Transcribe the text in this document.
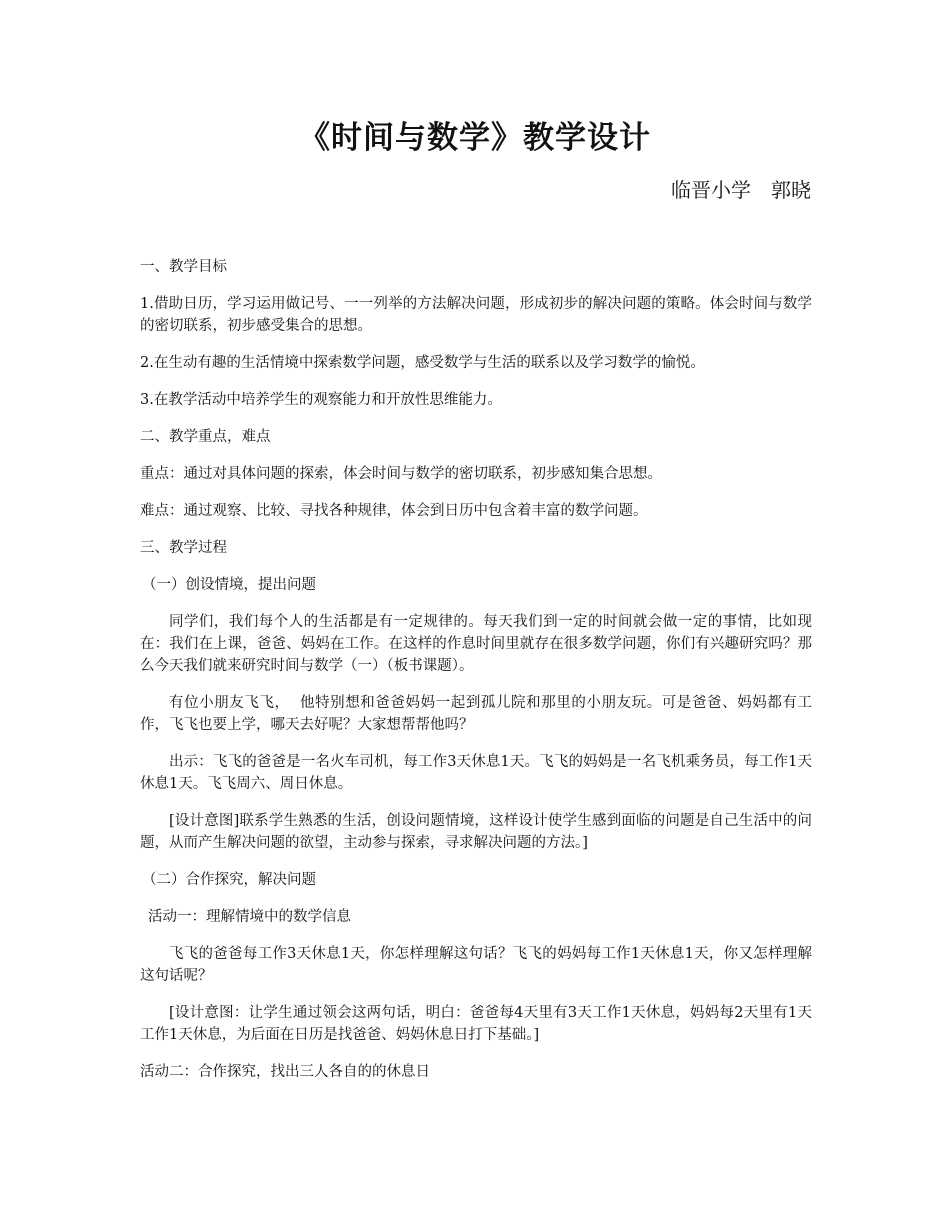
《时间与数学》教学设计

临晋小学　郭晓

一、教学目标

1.借助日历，学习运用做记号、一一列举的方法解决问题，形成初步的解决问题的策略。体会时间与数学的密切联系，初步感受集合的思想。

2.在生动有趣的生活情境中探索数学问题，感受数学与生活的联系以及学习数学的愉悦。

3.在教学活动中培养学生的观察能力和开放性思维能力。

二、教学重点，难点

重点：通过对具体问题的探索，体会时间与数学的密切联系，初步感知集合思想。

难点：通过观察、比较、寻找各种规律，体会到日历中包含着丰富的数学问题。

三、教学过程

（一）创设情境，提出问题

同学们，我们每个人的生活都是有一定规律的。每天我们到一定的时间就会做一定的事情，比如现在：我们在上课，爸爸、妈妈在工作。在这样的作息时间里就存在很多数学问题，你们有兴趣研究吗？那么今天我们就来研究时间与数学（一）（板书课题）。

有位小朋友飞飞，  他特别想和爸爸妈妈一起到孤儿院和那里的小朋友玩。可是爸爸、妈妈都有工作，飞飞也要上学，哪天去好呢？大家想帮帮他吗？

出示：飞飞的爸爸是一名火车司机，每工作3天休息1天。飞飞的妈妈是一名飞机乘务员，每工作1天休息1天。飞飞周六、周日休息。

[设计意图]联系学生熟悉的生活，创设问题情境，这样设计使学生感到面临的问题是自己生活中的问题，从而产生解决问题的欲望，主动参与探索，寻求解决问题的方法。]

（二）合作探究，解决问题

活动一：理解情境中的数学信息

飞飞的爸爸每工作3天休息1天，你怎样理解这句话？飞飞的妈妈每工作1天休息1天，你又怎样理解这句话呢？

[设计意图：让学生通过领会这两句话，明白：爸爸每4天里有3天工作1天休息，妈妈每2天里有1天工作1天休息，为后面在日历是找爸爸、妈妈休息日打下基础。]

活动二：合作探究，找出三人各自的的休息日
